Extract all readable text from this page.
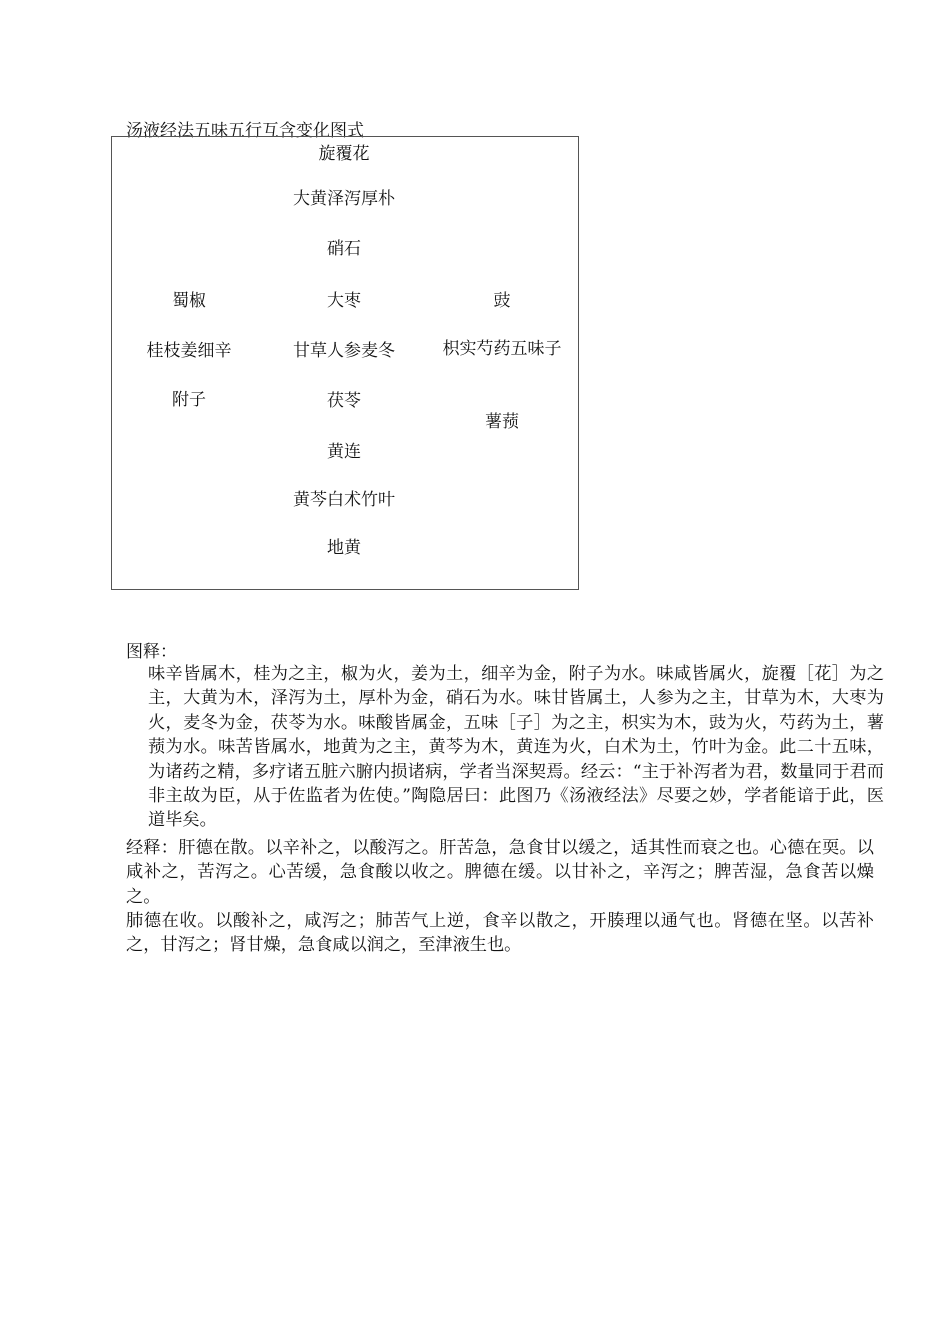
汤液经法五味五行互含变化图式
旋覆花
大黄泽泻厚朴
硝石
大枣
甘草人参麦冬
茯苓
黄连
黄芩白术竹叶
地黄
蜀椒
桂枝姜细辛
附子
豉
枳实芍药五味子
薯蓣
图释：
味辛皆属木，桂为之主，椒为火，姜为土，细辛为金，附子为水。味咸皆属火，旋覆［花］为之主，大黄为木，泽泻为土，厚朴为金，硝石为水。味甘皆属土，人参为之主，甘草为木，大枣为火，麦冬为金，茯苓为水。味酸皆属金，五味［子］为之主，枳实为木，豉为火，芍药为土，薯蓣为水。味苦皆属水，地黄为之主，黄芩为木，黄连为火，白术为土，竹叶为金。此二十五味，为诸药之精，多疗诸五脏六腑内损诸病，学者当深契焉。经云：“主于补泻者为君，数量同于君而非主故为臣，从于佐监者为佐使。”陶隐居曰：此图乃《汤液经法》尽要之妙，学者能谙于此，医道毕矣。
经释：肝德在散。以辛补之，以酸泻之。肝苦急，急食甘以缓之，适其性而衰之也。心德在耎。以咸补之，苦泻之。心苦缓，急食酸以收之。脾德在缓。以甘补之，辛泻之；脾苦湿，急食苦以燥之。
肺德在收。以酸补之，咸泻之；肺苦气上逆，食辛以散之，开腠理以通气也。肾德在坚。以苦补之，甘泻之；肾甘燥，急食咸以润之，至津液生也。
